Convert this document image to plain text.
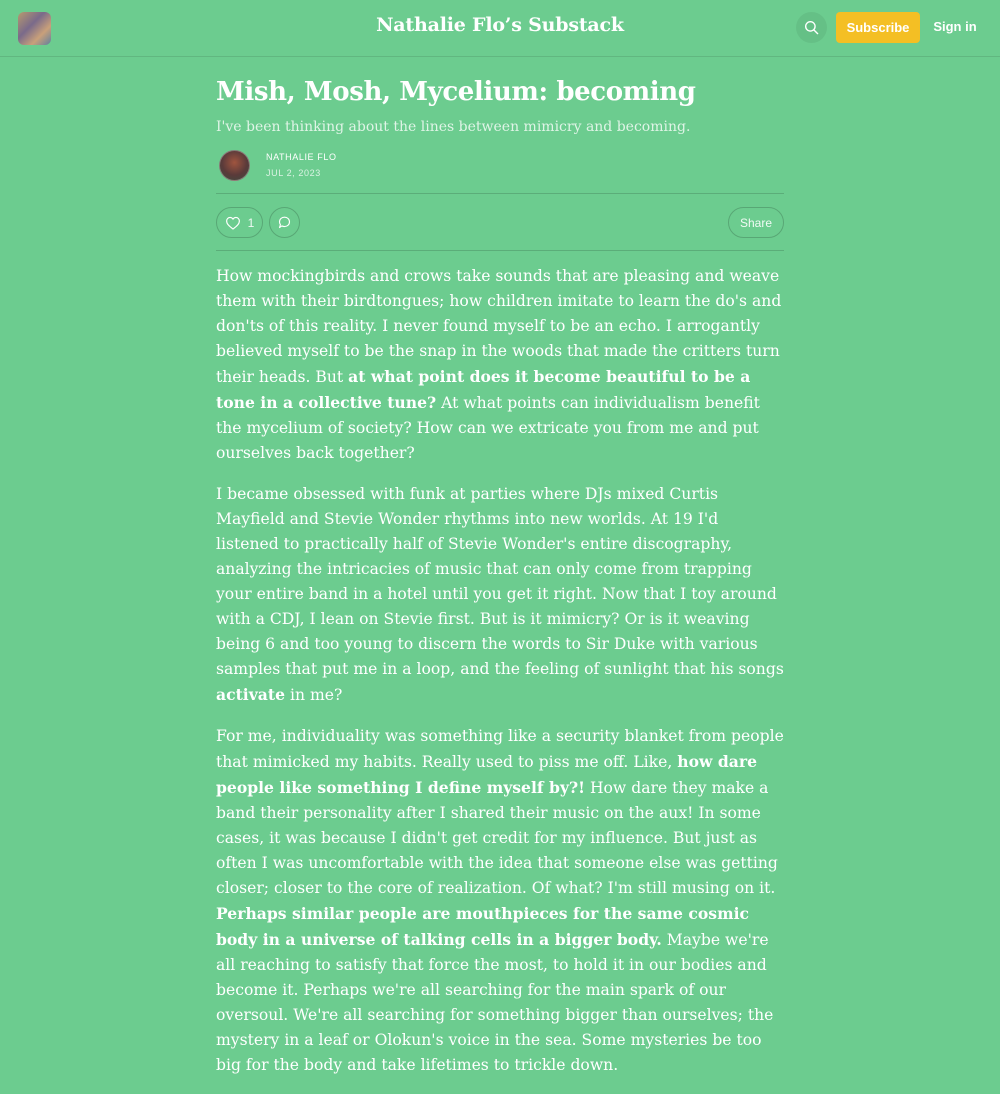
Nathalie Flo’s Substack	Subscribe	Sign in
Mish, Mosh, Mycelium: becoming
I've been thinking about the lines between mimicry and becoming.
NATHALIE FLO
JUL 2, 2023
1	Share

How mockingbirds and crows take sounds that are pleasing and weave them with their birdtongues; how children imitate to learn the do's and don'ts of this reality. I never found myself to be an echo. I arrogantly believed myself to be the snap in the woods that made the critters turn their heads. But at what point does it become beautiful to be a tone in a collective tune? At what points can individualism benefit the mycelium of society? How can we extricate you from me and put ourselves back together?

I became obsessed with funk at parties where DJs mixed Curtis Mayfield and Stevie Wonder rhythms into new worlds. At 19 I'd listened to practically half of Stevie Wonder's entire discography, analyzing the intricacies of music that can only come from trapping your entire band in a hotel until you get it right. Now that I toy around with a CDJ, I lean on Stevie first. But is it mimicry? Or is it weaving being 6 and too young to discern the words to Sir Duke with various samples that put me in a loop, and the feeling of sunlight that his songs activate in me?

For me, individuality was something like a security blanket from people that mimicked my habits. Really used to piss me off. Like, how dare people like something I define myself by?! How dare they make a band their personality after I shared their music on the aux! In some cases, it was because I didn't get credit for my influence. But just as often I was uncomfortable with the idea that someone else was getting closer; closer to the core of realization. Of what? I'm still musing on it. Perhaps similar people are mouthpieces for the same cosmic body in a universe of talking cells in a bigger body. Maybe we're all reaching to satisfy that force the most, to hold it in our bodies and become it. Perhaps we're all searching for the main spark of our oversoul. We're all searching for something bigger than ourselves; the mystery in a leaf or Olokun's voice in the sea. Some mysteries be too big for the body and take lifetimes to trickle down.
